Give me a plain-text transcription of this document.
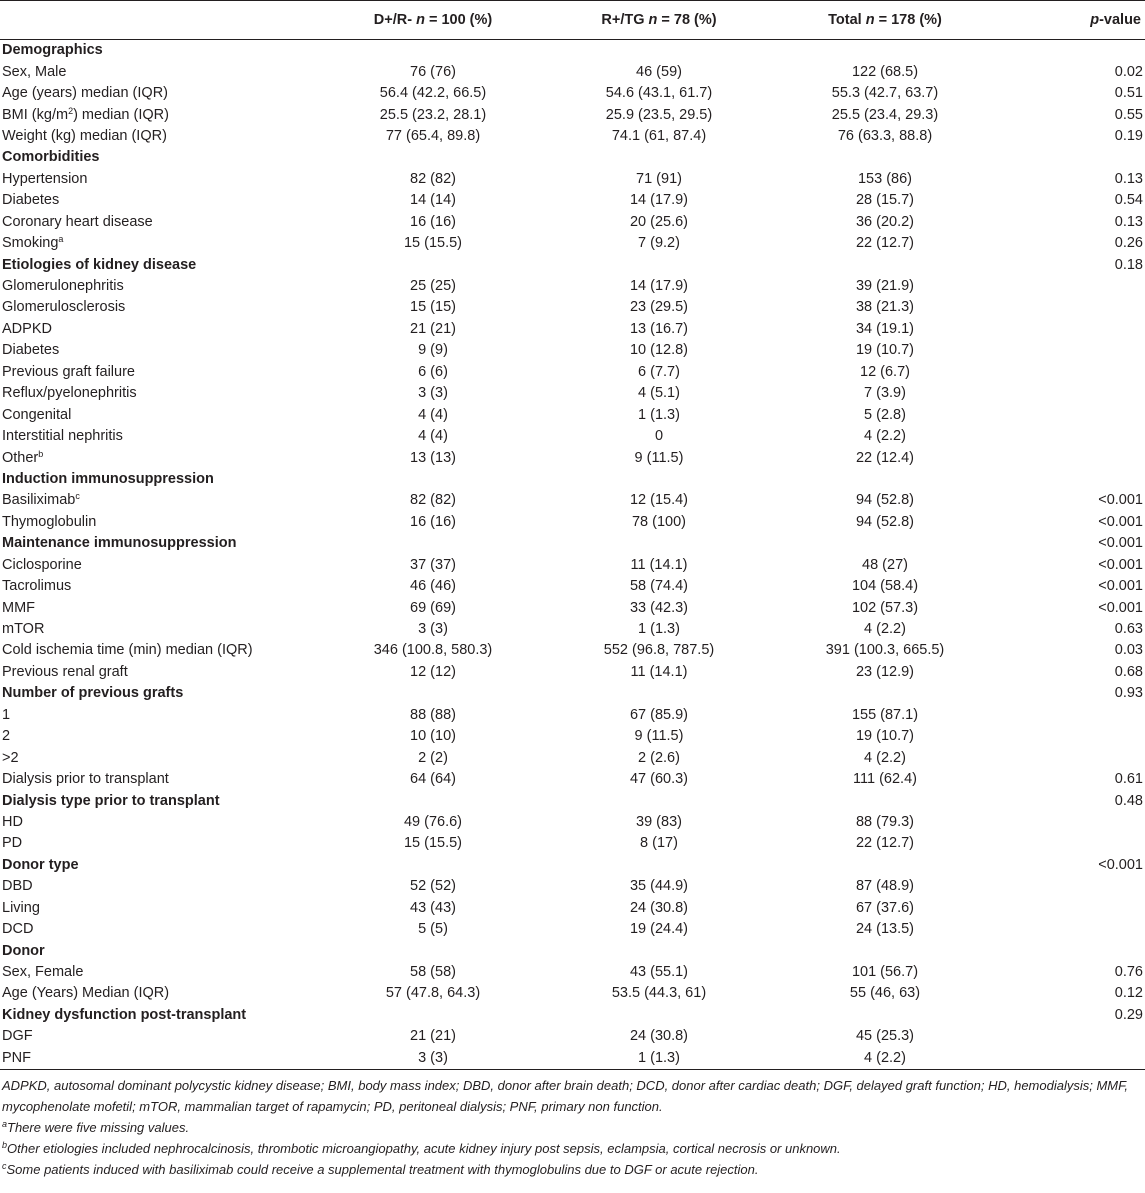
	D+/R- n = 100 (%)	R+/TG n = 78 (%)	Total n = 178 (%)	p-value
Demographics				
Sex, Male	76 (76)	46 (59)	122 (68.5)	0.02
Age (years) median (IQR)	56.4 (42.2, 66.5)	54.6 (43.1, 61.7)	55.3 (42.7, 63.7)	0.51
BMI $(kg/m^2)$ median (IQR)	25.5 (23.2, 28.1)	25.9 (23.5, 29.5)	25.5 (23.4, 29.3)	0.55
Weight (kg) median (IQR)	77 (65.4, 89.8)	74.1 (61, 87.4)	76 (63.3, 88.8)	0.19
Comorbidities				
Hypertension	82 (82)	71 (91)	153 (86)	0.13
Diabetes	14 (14)	14 (17.9)	28 (15.7)	0.54
Coronary heart disease	16 (16)	20 (25.6)	36 (20.2)	0.13
Smoking$^a$	15 (15.5)	7 (9.2)	22 (12.7)	0.26
Etiologies of kidney disease				0.18
Glomerulonephritis	25 (25)	14 (17.9)	39 (21.9)	
Glomerulosclerosis	15 (15)	23 (29.5)	38 (21.3)	
ADPKD	21 (21)	13 (16.7)	34 (19.1)	
Diabetes	9 (9)	10 (12.8)	19 (10.7)	
Previous graft failure	6 (6)	6 (7.7)	12 (6.7)	
Reflux/pyelonephritis	3 (3)	4 (5.1)	7 (3.9)	
Congenital	4 (4)	1 (1.3)	5 (2.8)	
Interstitial nephritis	4 (4)	0	4 (2.2)	
Other$^b$	13 (13)	9 (11.5)	22 (12.4)	
Induction immunosuppression				
Basiliximab$^c$	82 (82)	12 (15.4)	94 (52.8)	<0.001
Thymoglobulin	16 (16)	78 (100)	94 (52.8)	<0.001
Maintenance immunosuppression				<0.001
Ciclosporine	37 (37)	11 (14.1)	48 (27)	<0.001
Tacrolimus	46 (46)	58 (74.4)	104 (58.4)	<0.001
MMF	69 (69)	33 (42.3)	102 (57.3)	<0.001
mTOR	3 (3)	1 (1.3)	4 (2.2)	0.63
Cold ischemia time (min) median (IQR)	346 (100.8, 580.3)	552 (96.8, 787.5)	391 (100.3, 665.5)	0.03
Previous renal graft	12 (12)	11 (14.1)	23 (12.9)	0.68
Number of previous grafts				0.93
1	88 (88)	67 (85.9)	155 (87.1)	
2	10 (10)	9 (11.5)	19 (10.7)	
>2	2 (2)	2 (2.6)	4 (2.2)	
Dialysis prior to transplant	64 (64)	47 (60.3)	111 (62.4)	0.61
Dialysis type prior to transplant				0.48
HD	49 (76.6)	39 (83)	88 (79.3)	
PD	15 (15.5)	8 (17)	22 (12.7)	
Donor type				<0.001
DBD	52 (52)	35 (44.9)	87 (48.9)	
Living	43 (43)	24 (30.8)	67 (37.6)	
DCD	5 (5)	19 (24.4)	24 (13.5)	
Donor				
Sex, Female	58 (58)	43 (55.1)	101 (56.7)	0.76
Age (Years) Median (IQR)	57 (47.8, 64.3)	53.5 (44.3, 61)	55 (46, 63)	0.12
Kidney dysfunction post-transplant				0.29
DGF	21 (21)	24 (30.8)	45 (25.3)	
PNF	3 (3)	1 (1.3)	4 (2.2)	

ADPKD, autosomal dominant polycystic kidney disease; BMI, body mass index; DBD, donor after brain death; DCD, donor after cardiac death; DGF, delayed graft function; HD, hemodialysis; MMF, mycophenolate mofetil; mTOR, mammalian target of rapamycin; PD, peritoneal dialysis; PNF, primary non function.

$^a$There were five missing values.

$^b$Other etiologies included nephrocalcinosis, thrombotic microangiopathy, acute kidney injury post sepsis, eclampsia, cortical necrosis or unknown.

$^c$Some patients induced with basiliximab could receive a supplemental treatment with thymoglobulins due to DGF or acute rejection.
